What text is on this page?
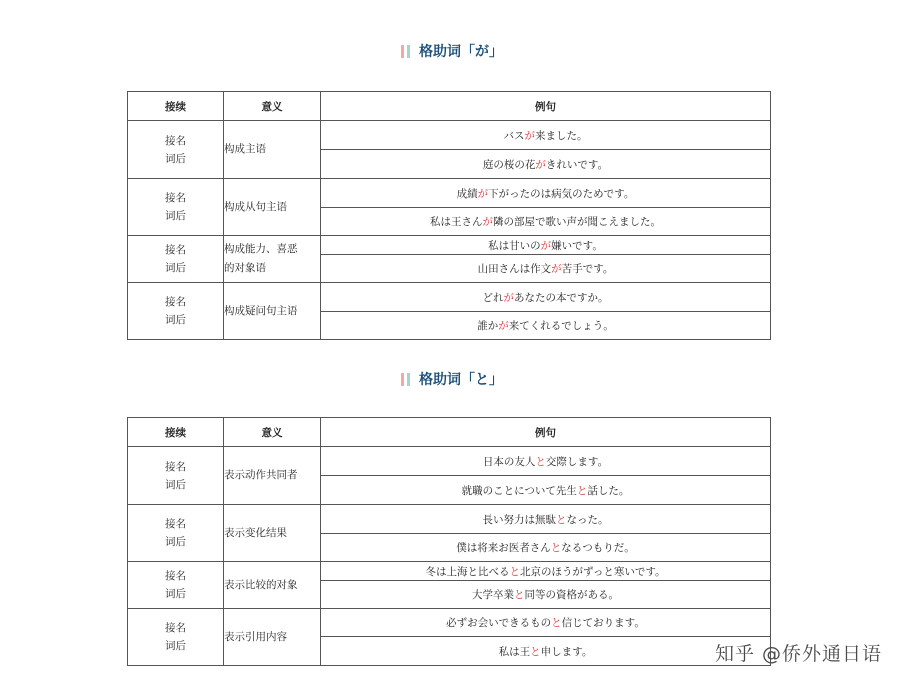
格助词「が」
接续	意义	例句
接名
词后	构成主语	バスが来ました。
		庭の桜の花がきれいです。
接名
词后	构成从句主语	成績が下がったのは病気のためです。
		私は王さんが隣の部屋で歌い声が聞こえました。
接名
词后	构成能力、喜恶
的对象语	私は甘いのが嫌いです。
		山田さんは作文が苦手です。
接名
词后	构成疑问句主语	どれがあなたの本ですか。
		誰かが来てくれるでしょう。
格助词「と」
接续	意义	例句
接名
词后	表示动作共同者	日本の友人と交際します。
		就職のことについて先生と話した。
接名
词后	表示变化结果	長い努力は無駄となった。
		僕は将来お医者さんとなるつもりだ。
接名
词后	表示比较的对象	冬は上海と比べると北京のほうがずっと寒いです。
		大学卒業と同等の資格がある。
接名
词后	表示引用内容	必ずお会いできるものと信じております。
		私は王と申します。	知乎 @侨外通日语
